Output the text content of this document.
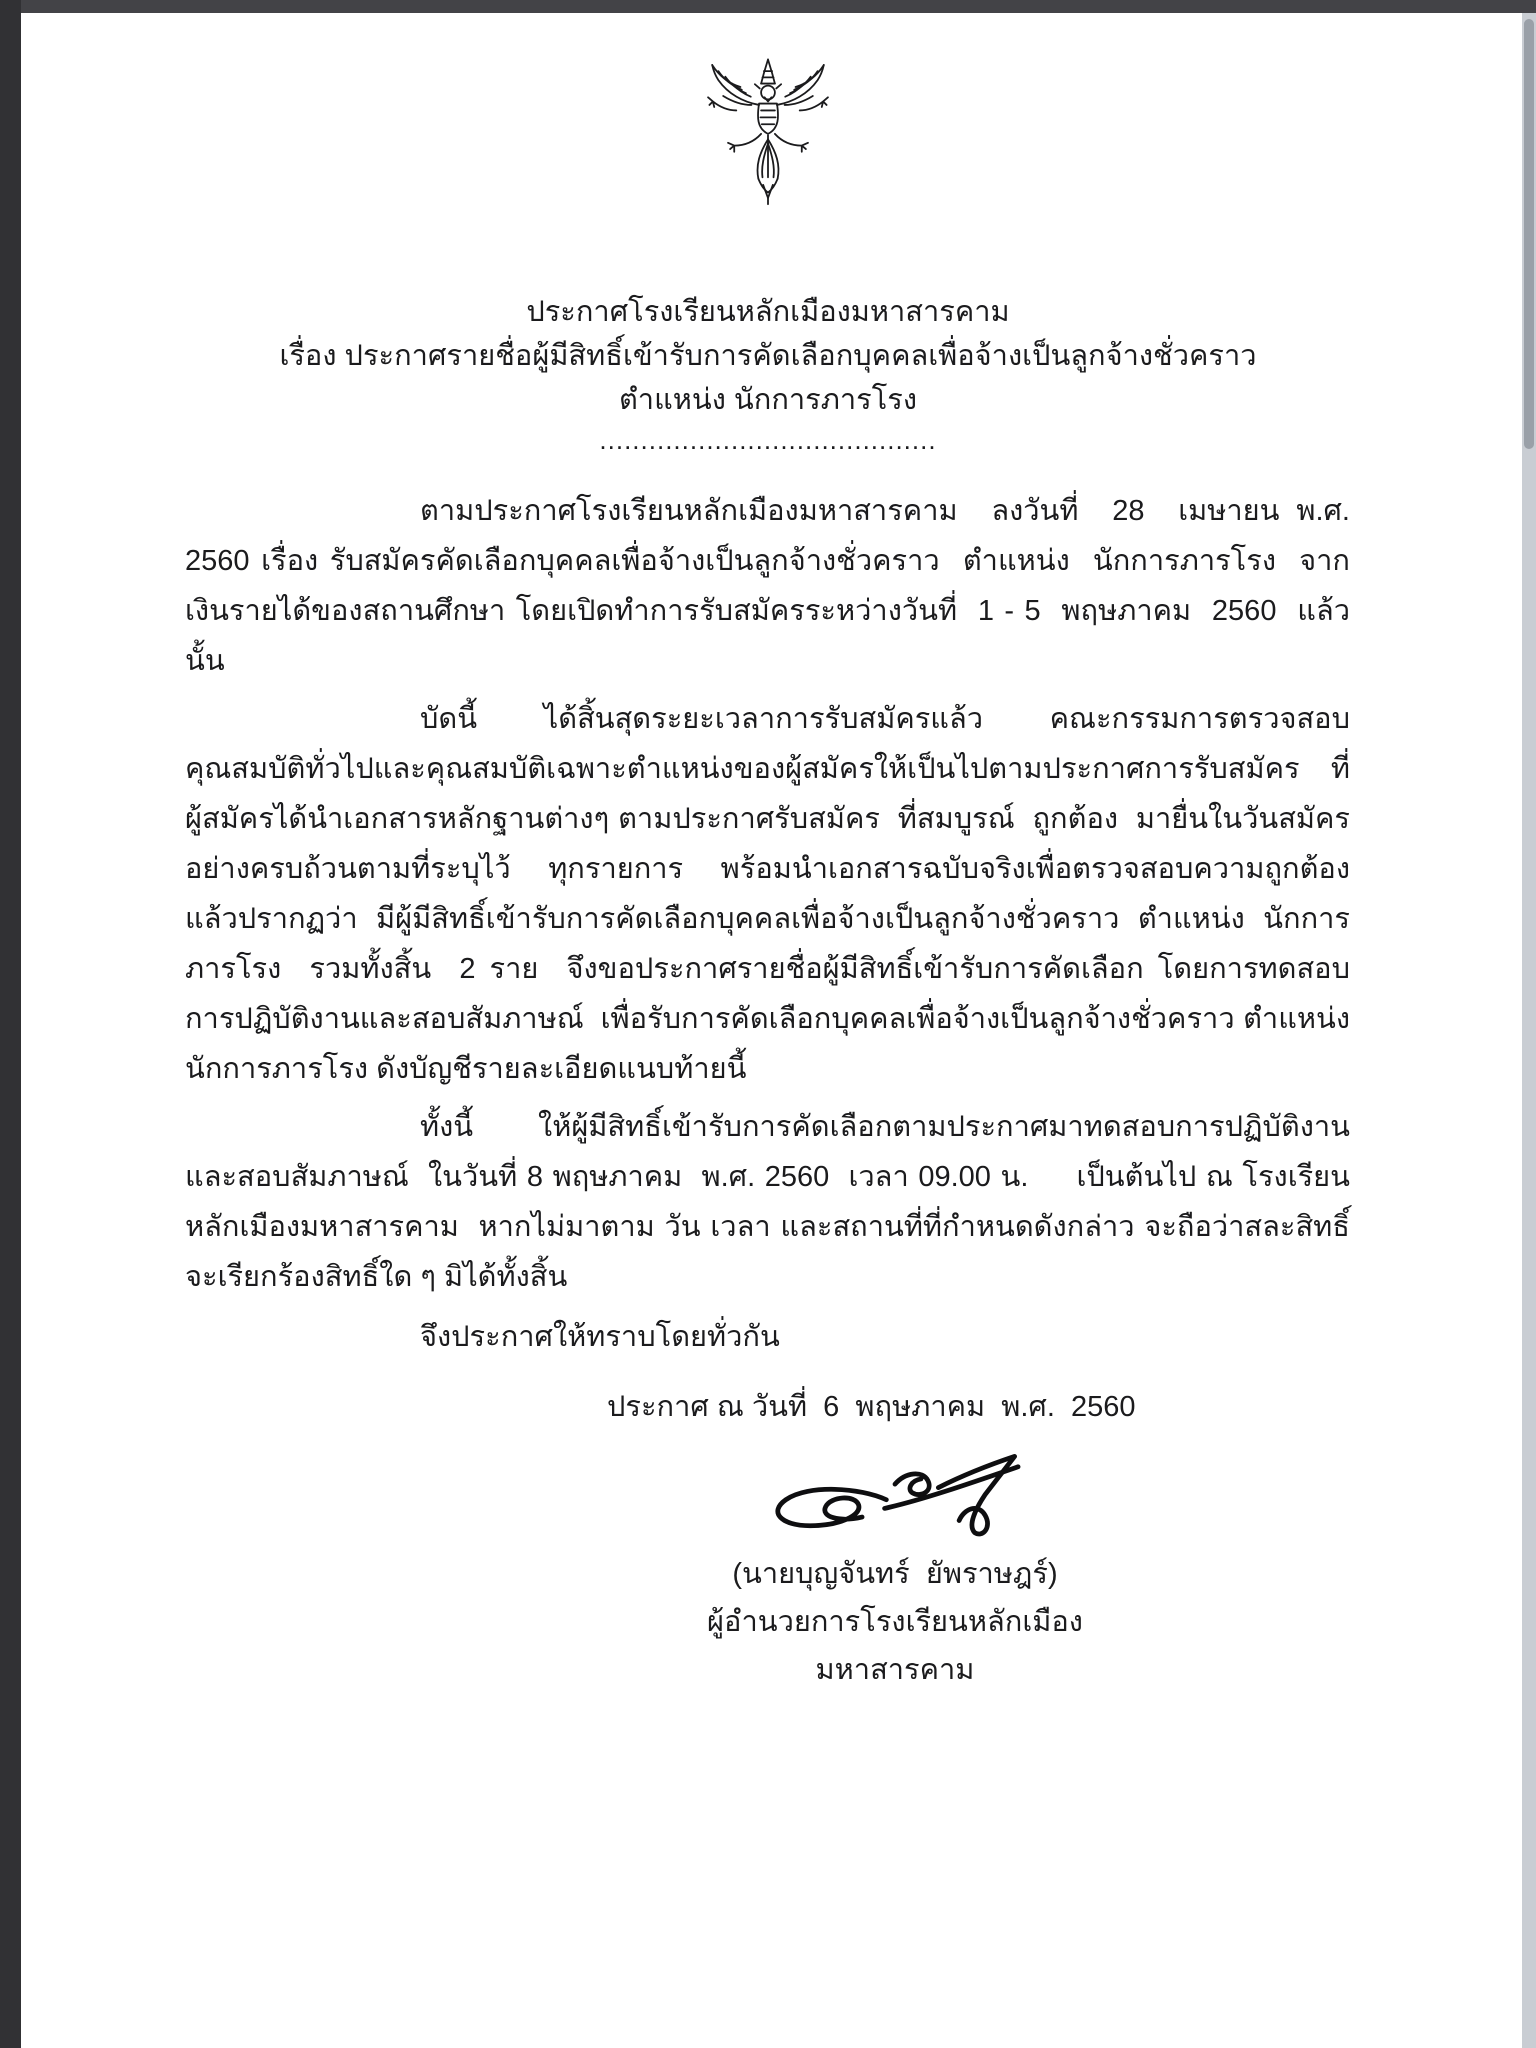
ประกาศโรงเรียนหลักเมืองมหาสารคาม
เรื่อง ประกาศรายชื่อผู้มีสิทธิ์เข้ารับการคัดเลือกบุคคลเพื่อจ้างเป็นลูกจ้างชั่วคราว
ตำแหน่ง นักการภารโรง
.........................................

ตามประกาศโรงเรียนหลักเมืองมหาสารคาม  ลงวันที่  28  เมษายน พ.ศ. 2560 เรื่อง รับสมัครคัดเลือกบุคคลเพื่อจ้างเป็นลูกจ้างชั่วคราว  ตำแหน่ง  นักการภารโรง  จากเงินรายได้ของสถานศึกษา โดยเปิดทำการรับสมัครระหว่างวันที่  1 - 5  พฤษภาคม  2560  แล้วนั้น

บัดนี้  ได้สิ้นสุดระยะเวลาการรับสมัครแล้ว  คณะกรรมการตรวจสอบคุณสมบัติทั่วไปและคุณสมบัติเฉพาะตำแหน่งของผู้สมัครให้เป็นไปตามประกาศการรับสมัคร  ที่ผู้สมัครได้นำเอกสารหลักฐานต่างๆ ตามประกาศรับสมัคร  ที่สมบูรณ์  ถูกต้อง  มายื่นในวันสมัครอย่างครบถ้วนตามที่ระบุไว้  ทุกรายการ  พร้อมนำเอกสารฉบับจริงเพื่อตรวจสอบความถูกต้องแล้วปรากฏว่า  มีผู้มีสิทธิ์เข้ารับการคัดเลือกบุคคลเพื่อจ้างเป็นลูกจ้างชั่วคราว  ตำแหน่ง  นักการภารโรง  รวมทั้งสิ้น  2 ราย  จึงขอประกาศรายชื่อผู้มีสิทธิ์เข้ารับการคัดเลือก โดยการทดสอบการปฏิบัติงานและสอบสัมภาษณ์  เพื่อรับการคัดเลือกบุคคลเพื่อจ้างเป็นลูกจ้างชั่วคราว ตำแหน่ง นักการภารโรง ดังบัญชีรายละเอียดแนบท้ายนี้

ทั้งนี้  ให้ผู้มีสิทธิ์เข้ารับการคัดเลือกตามประกาศมาทดสอบการปฏิบัติงานและสอบสัมภาษณ์  ในวันที่ 8 พฤษภาคม  พ.ศ. 2560  เวลา 09.00 น.     เป็นต้นไป ณ โรงเรียนหลักเมืองมหาสารคาม  หากไม่มาตาม วัน เวลา และสถานที่ที่กำหนดดังกล่าว จะถือว่าสละสิทธิ์ จะเรียกร้องสิทธิ์ใด ๆ มิได้ทั้งสิ้น

จึงประกาศให้ทราบโดยทั่วกัน
ประกาศ ณ วันที่  6  พฤษภาคม  พ.ศ.  2560
(นายบุญจันทร์  ยัพราษฎร์)
ผู้อำนวยการโรงเรียนหลักเมืองมหาสารคาม
